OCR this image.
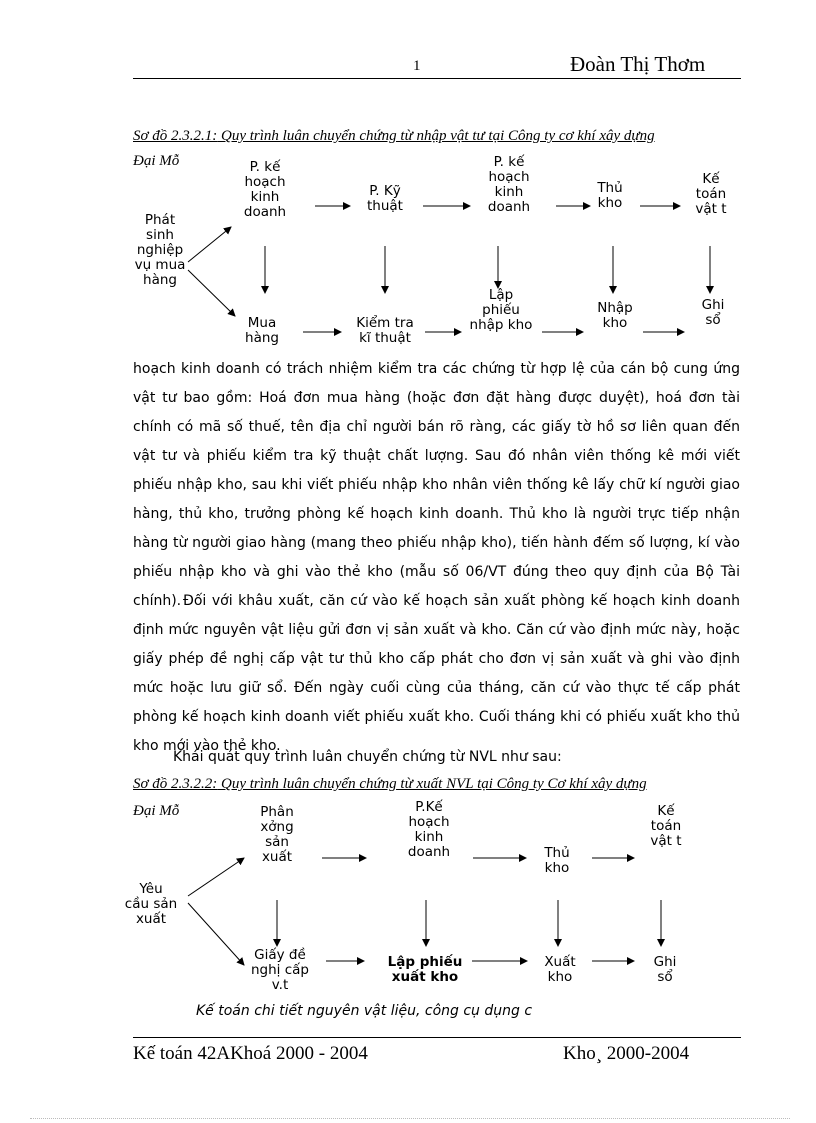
1	Đoàn Thị Thơm
Sơ đồ 2.3.2.1: Quy trình luân chuyển chứng từ nhập vật tư tại Công ty cơ khí xây dựng
Đại Mỗ
Phát
sinh
nghiệp
vụ mua
hàng
P. kế
hoạch
kinh
doanh
P. Kỹ
thuật
P. kế
hoạch
kinh
doanh
Thủ
kho
Kế
toán
vật t
Mua
hàng
Kiểm tra
kĩ thuật
Lập
phiếu
nhập kho
Nhập
kho
Ghi
sổ

hoạch kinh doanh có trách nhiệm kiểm tra các chứng từ hợp lệ của cán bộ cung ứng vật tư bao gồm: Hoá đơn mua hàng (hoặc đơn đặt hàng được duyệt), hoá đơn tài chính có mã số thuế, tên địa chỉ người bán rõ ràng, các giấy tờ hồ sơ liên quan đến vật tư và phiếu kiểm tra kỹ thuật chất lượng. Sau đó nhân viên thống kê mới viết phiếu nhập kho, sau khi viết phiếu nhập kho nhân viên thống kê lấy chữ kí người giao hàng, thủ kho, trưởng phòng kế hoạch kinh doanh. Thủ kho là người trực tiếp nhận hàng từ người giao hàng (mang theo phiếu nhập kho), tiến hành đếm số lượng, kí vào phiếu nhập kho và ghi vào thẻ kho (mẫu số 06/VT đúng theo quy định của Bộ Tài chính). Đối với khâu xuất, căn cứ vào kế hoạch sản xuất phòng kế hoạch kinh doanh định mức nguyên vật liệu gửi đơn vị sản xuất và kho. Căn cứ vào định mức này, hoặc giấy phép đề nghị cấp vật tư thủ kho cấp phát cho đơn vị sản xuất và ghi vào định mức hoặc lưu giữ sổ. Đến ngày cuối cùng của tháng, căn cứ vào thực tế cấp phát phòng kế hoạch kinh doanh viết phiếu xuất kho. Cuối tháng khi có phiếu xuất kho thủ kho mới vào thẻ kho.

Khái quát quy trình luân chuyển chứng từ NVL như sau:

Sơ đồ 2.3.2.2: Quy trình luân chuyển chứng từ xuất NVL tại Công ty Cơ khí xây dựng
Đại Mỗ
Yêu
cầu sản
xuất
Phân
xởng
sản
xuất
P.Kế
hoạch
kinh
doanh	Thủ
kho
Kế
toán
vật t
Giấy đề
nghị cấp
v.t
Lập phiếu
xuất kho
Xuất
kho
Ghi
sổ
Kế toán chi tiết nguyên vật liệu, công cụ dụng c
Kế toán 42AKhoá 2000 - 2004	Kho¸ 2000-2004
